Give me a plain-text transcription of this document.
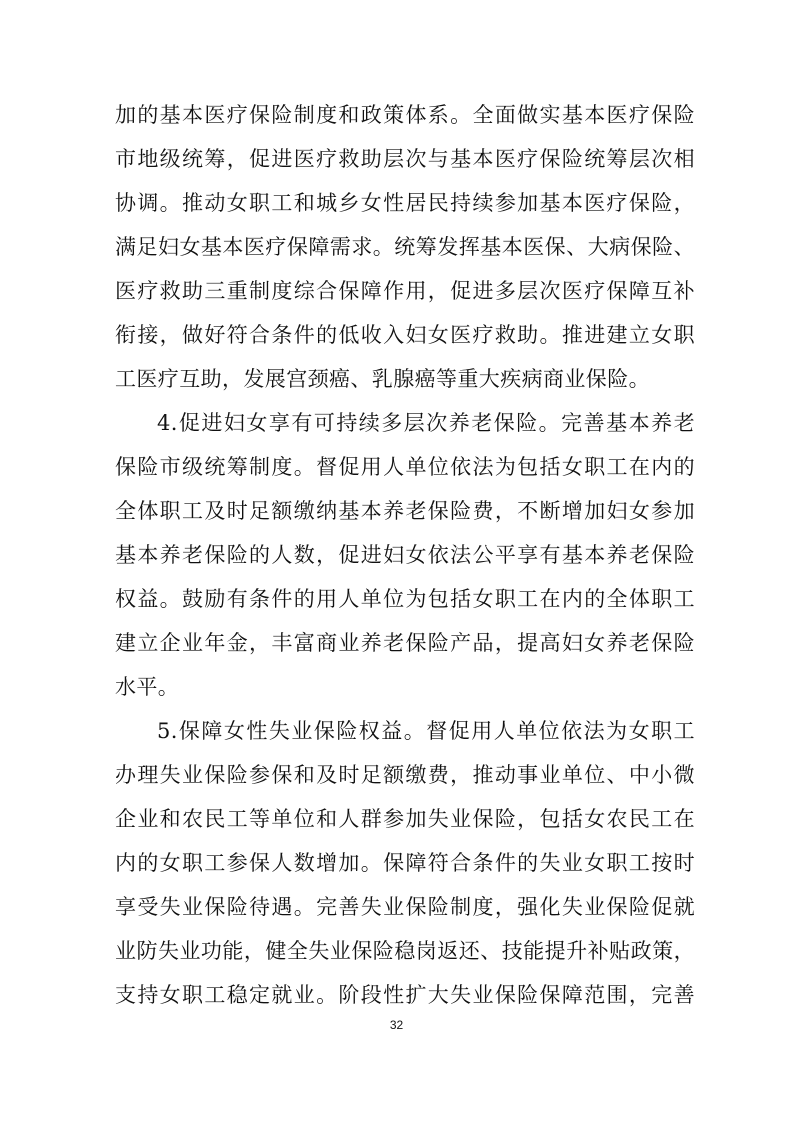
加的基本医疗保险制度和政策体系。全面做实基本医疗保险
市地级统筹，促进医疗救助层次与基本医疗保险统筹层次相
协调。推动女职工和城乡女性居民持续参加基本医疗保险，
满足妇女基本医疗保障需求。统筹发挥基本医保、大病保险、
医疗救助三重制度综合保障作用，促进多层次医疗保障互补
衔接，做好符合条件的低收入妇女医疗救助。推进建立女职
工医疗互助，发展宫颈癌、乳腺癌等重大疾病商业保险。
4.促进妇女享有可持续多层次养老保险。完善基本养老
保险市级统筹制度。督促用人单位依法为包括女职工在内的
全体职工及时足额缴纳基本养老保险费，不断增加妇女参加
基本养老保险的人数，促进妇女依法公平享有基本养老保险
权益。鼓励有条件的用人单位为包括女职工在内的全体职工
建立企业年金，丰富商业养老保险产品，提高妇女养老保险
水平。
5.保障女性失业保险权益。督促用人单位依法为女职工
办理失业保险参保和及时足额缴费，推动事业单位、中小微
企业和农民工等单位和人群参加失业保险，包括女农民工在
内的女职工参保人数增加。保障符合条件的失业女职工按时
享受失业保险待遇。完善失业保险制度，强化失业保险促就
业防失业功能，健全失业保险稳岗返还、技能提升补贴政策，
支持女职工稳定就业。阶段性扩大失业保险保障范围，完善
32
